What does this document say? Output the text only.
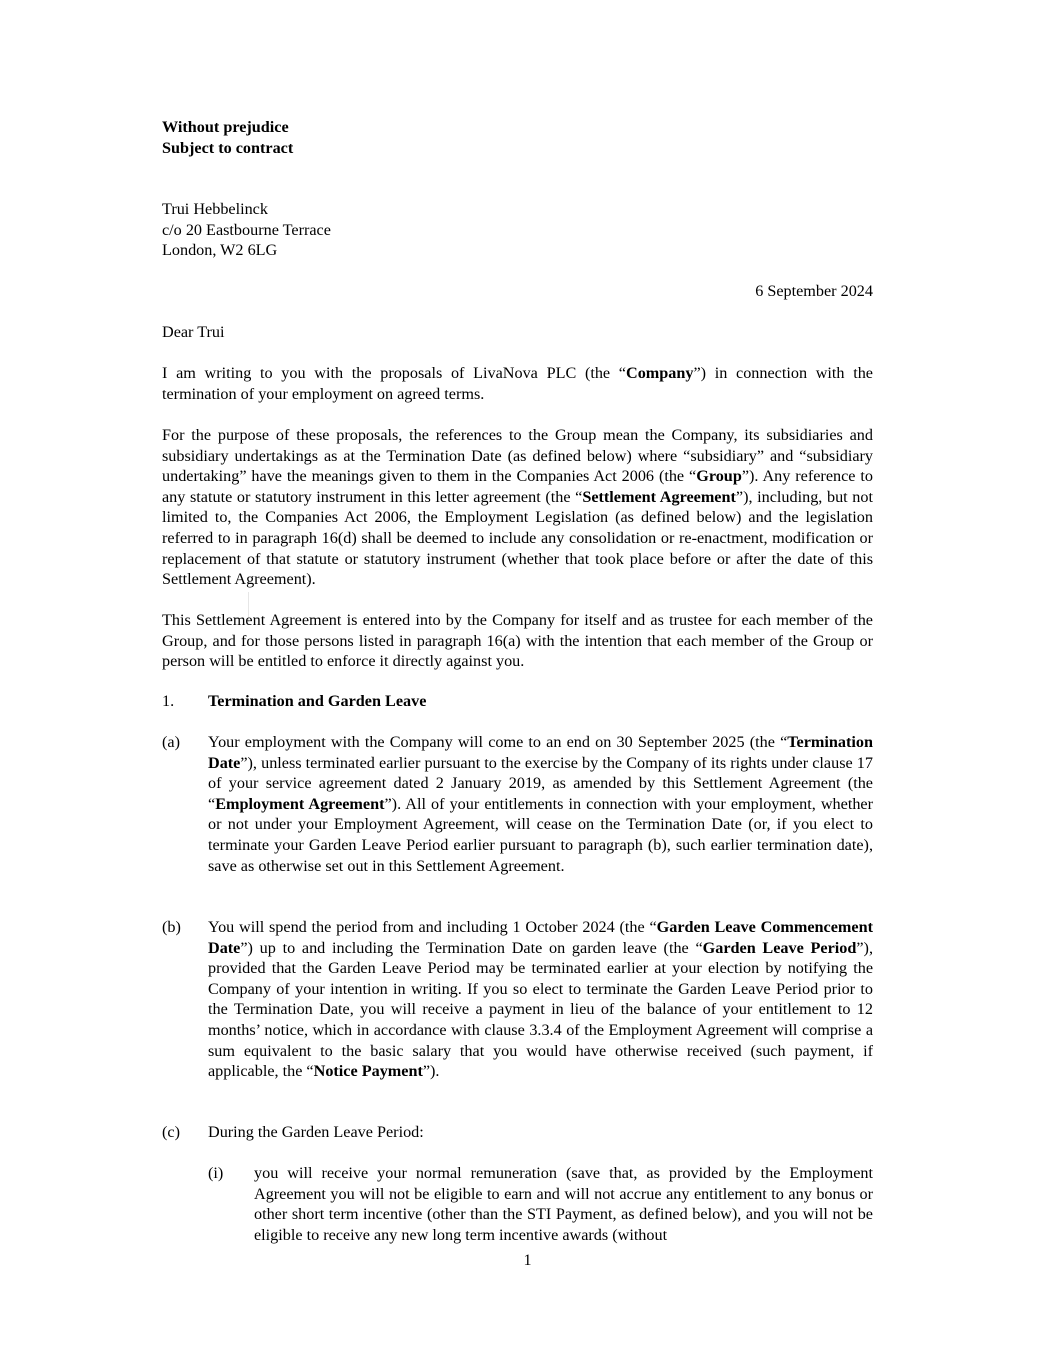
Without prejudice
Subject to contract
Trui Hebbelinck
c/o 20 Eastbourne Terrace
London, W2 6LG
6 September 2024
Dear Trui
I am writing to you with the proposals of LivaNova PLC (the “Company”) in connection with the termination of your employment on agreed terms.
For the purpose of these proposals, the references to the Group mean the Company, its subsidiaries and subsidiary undertakings as at the Termination Date (as defined below) where “subsidiary” and “subsidiary undertaking” have the meanings given to them in the Companies Act 2006 (the “Group”). Any reference to any statute or statutory instrument in this letter agreement (the “Settlement Agreement”), including, but not limited to, the Companies Act 2006, the Employment Legislation (as defined below) and the legislation referred to in paragraph 16(d) shall be deemed to include any consolidation or re-enactment, modification or replacement of that statute or statutory instrument (whether that took place before or after the date of this Settlement Agreement).
This Settlement Agreement is entered into by the Company for itself and as trustee for each member of the Group, and for those persons listed in paragraph 16(a) with the intention that each member of the Group or person will be entitled to enforce it directly against you.
1. Termination and Garden Leave
(a) Your employment with the Company will come to an end on 30 September 2025 (the “Termination Date”), unless terminated earlier pursuant to the exercise by the Company of its rights under clause 17 of your service agreement dated 2 January 2019, as amended by this Settlement Agreement (the “Employment Agreement”). All of your entitlements in connection with your employment, whether or not under your Employment Agreement, will cease on the Termination Date (or, if you elect to terminate your Garden Leave Period earlier pursuant to paragraph (b), such earlier termination date), save as otherwise set out in this Settlement Agreement.
(b) You will spend the period from and including 1 October 2024 (the “Garden Leave Commencement Date”) up to and including the Termination Date on garden leave (the “Garden Leave Period”), provided that the Garden Leave Period may be terminated earlier at your election by notifying the Company of your intention in writing. If you so elect to terminate the Garden Leave Period prior to the Termination Date, you will receive a payment in lieu of the balance of your entitlement to 12 months’ notice, which in accordance with clause 3.3.4 of the Employment Agreement will comprise a sum equivalent to the basic salary that you would have otherwise received (such payment, if applicable, the “Notice Payment”).
(c) During the Garden Leave Period:
(i) you will receive your normal remuneration (save that, as provided by the Employment Agreement you will not be eligible to earn and will not accrue any entitlement to any bonus or other short term incentive (other than the STI Payment, as defined below), and you will not be eligible to receive any new long term incentive awards (without
1
